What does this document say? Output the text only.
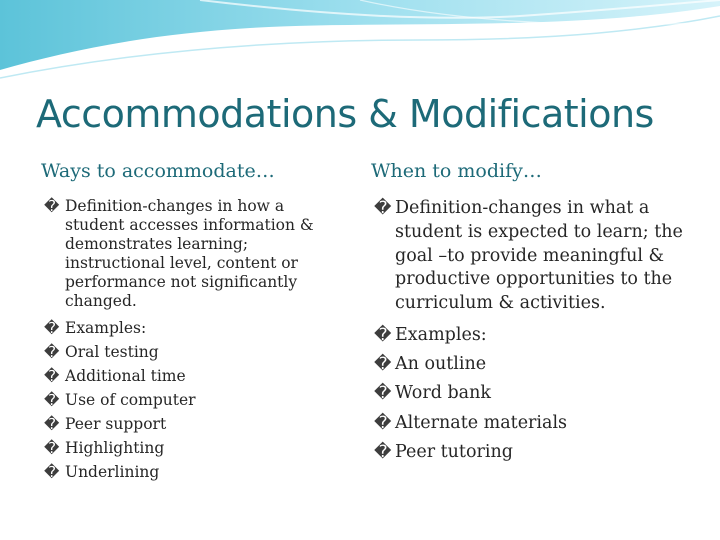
Accommodations & Modifications
Ways to accommodate…	When to modify…
� Definition-changes in how a student accesses information & demonstrates learning; instructional level, content or performance not significantly changed.
� Examples:
� Oral testing
� Additional time
� Use of computer
� Peer support
� Highlighting
� Underlining
� Definition-changes in what a student is expected to learn; the goal –to provide meaningful & productive opportunities to the curriculum & activities.
� Examples:
� An outline
� Word bank
� Alternate materials
� Peer tutoring
